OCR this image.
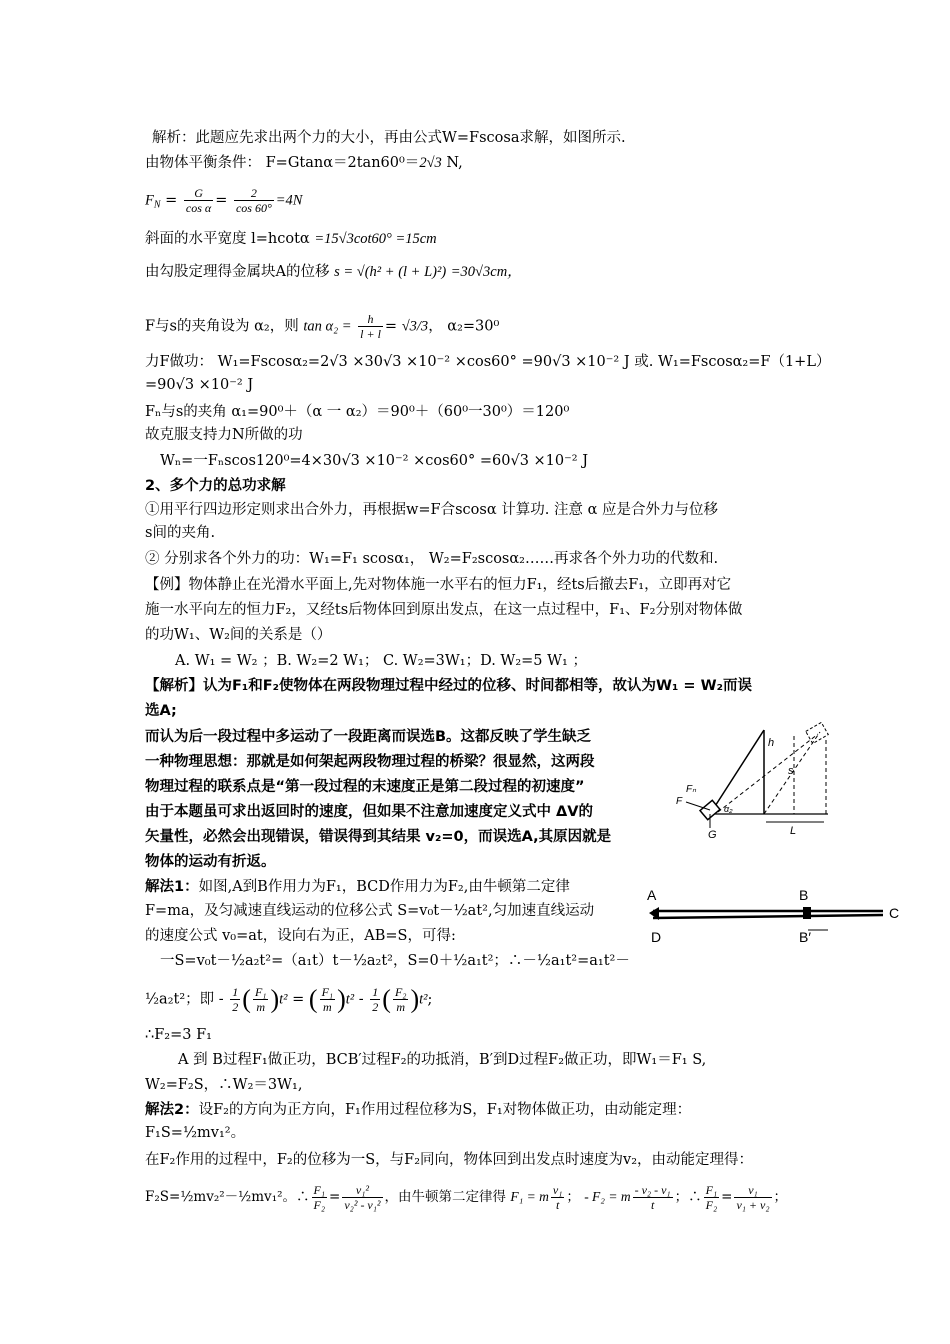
解析：此题应先求出两个力的大小，再由公式W=Fscosa求解，如图所示.
由物体平衡条件： F=Gtanα＝2tan60⁰＝2√3 N,
$F_N = \frac{G}{\text{cos α}} = \frac{2}{\cos 60^\circ} =4N$
斜面的水平宽度 l=hcotα =15√3cot60° =15cm
由勾股定理得金属块A的位移 s = √(h² + (l + L)²) =30√3cm，
F与s的夹角设为 α₂，则 $\tan \alpha_2 = \frac{h}{l + l} = √3/3$， α₂=30⁰
力F做功： W₁=Fscosα₂=2√3 ×30√3 ×10⁻² ×cos60° =90√3 ×10⁻² J 或. W₁=Fscosα₂=F（1+L）
=90√3 ×10⁻² J
Fₙ与s的夹角 α₁=90⁰＋（α 一 α₂）＝90⁰＋（60⁰一30⁰）＝120⁰
故克服支持力N所做的功
Wₙ=一Fₙscos120⁰=4×30√3 ×10⁻² ×cos60° =60√3 ×10⁻² J
2、多个力的总功求解
①用平行四边形定则求出合外力，再根据w=F合scosα 计算功. 注意 α 应是合外力与位移
s间的夹角.
② 分别求各个外力的功：W₁=F₁ scosα₁， W₂=F₂scosα₂……再求各个外力功的代数和.
【例】物体静止在光滑水平面上,先对物体施一水平右的恒力F₁，经ts后撤去F₁，立即再对它
施一水平向左的恒力F₂，又经ts后物体回到原出发点，在这一点过程中，F₁、F₂分别对物体做
的功W₁、W₂间的关系是（）
A. W₁ = W₂ ；B. W₂=2 W₁； C. W₂=3W₁；D. W₂=5 W₁ ；
【解析】认为F₁和F₂使物体在两段物理过程中经过的位移、时间都相等，故认为W₁ = W₂而误
选A;
而认为后一段过程中多运动了一段距离而误选B。这都反映了学生缺乏
一种物理思想：那就是如何架起两段物理过程的桥梁？很显然，这两段
物理过程的联系点是“第一段过程的末速度正是第二段过程的初速度”
由于本题虽可求出返回时的速度，但如果不注意加速度定义式中 ΔV的
矢量性，必然会出现错误，错误得到其结果 v₂=0，而误选A,其原因就是
物体的运动有折返。
解法1：如图,A到B作用力为F₁，BCD作用力为F₂,由牛顿第二定律
F=ma，及匀减速直线运动的位移公式 S=v₀t－½at²,匀加速直线运动
的速度公式 v₀=at，设向右为正，AB=S，可得:
一S=v₀t－½a₂t²=（a₁t）t－½a₂t²，S=0＋½a₁t²；∴－½a₁t²=a₁t²－
½a₂t²；即 - $\frac{1}{2}$ ( $\frac{\text{F₁}}{m} )t^2$ = ( $\frac{\text{F₁}}{m} )t^2 - \frac{1}{2}$ ( $\frac{\text{F₂}}{m} )t^2$;
∴F₂=3 F₁
A 到 B过程F₁做正功，BCB′过程F₂的功抵消，B′到D过程F₂做正功，即W₁＝F₁ S,
W₂=F₂S，∴W₂＝3W₁,
解法2：设F₂的方向为正方向，F₁作用过程位移为S，F₁对物体做正功，由动能定理：
F₁S=½mv₁²。
在F₂作用的过程中，F₂的位移为一S，与F₂同向，物体回到出发点时速度为v₂，由动能定理得：
F₂S=½mv₂²－½mv₁²。∴ $\frac{\text{F₁}}{\text{F₂}} = \frac{\text{v₁²}}{\text{v₂² - v₁²}}$ ，由牛顿第二定律得 F₁ = m $\frac{\text{v₁}}{t}$ ； - F₂ = m $\frac{\text{- v₂ - v₁}}{t}$ ；∴ $\frac{\text{F₁}}{\text{F₂}} = \frac{\text{v₁}}{\text{v₁ + v₂}}$ ；
h
s
Fₙ
F
α₂
G	L
A	B
C
D	B′
